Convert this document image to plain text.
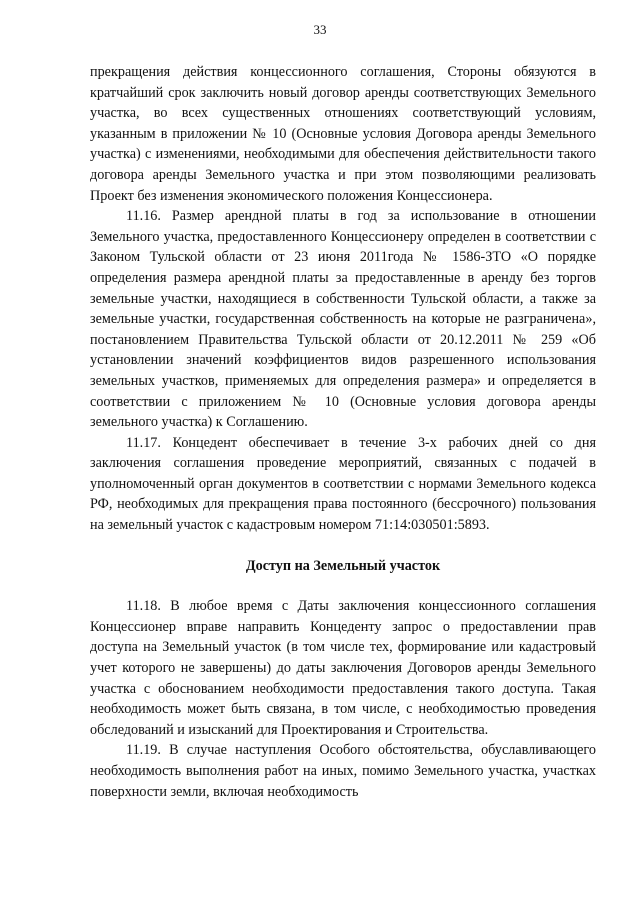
33

прекращения действия концессионного соглашения, Стороны обязуются в кратчайший срок заключить новый договор аренды соответствующих Земельного участка, во всех существенных отношениях соответствующий условиям, указанным в приложении № 10 (Основные условия Договора аренды Земельного участка) с изменениями, необходимыми для обеспечения действительности такого договора аренды Земельного участка и при этом позволяющими реализовать Проект без изменения экономического положения Концессионера.

11.16. Размер арендной платы в год за использование в отношении Земельного участка, предоставленного Концессионеру определен в соответствии с Законом Тульской области от 23 июня 2011года № 1586-ЗТО «О порядке определения размера арендной платы за предоставленные в аренду без торгов земельные участки, находящиеся в собственности Тульской области, а также за земельные участки, государственная собственность на которые не разграничена», постановлением Правительства Тульской области от 20.12.2011 № 259 «Об установлении значений коэффициентов видов разрешенного использования земельных участков, применяемых для определения размера» и определяется в соответствии с приложением № 10 (Основные условия договора аренды земельного участка) к Соглашению.

11.17. Концедент обеспечивает в течение 3-х рабочих дней со дня заключения соглашения проведение мероприятий, связанных с подачей в уполномоченный орган документов в соответствии с нормами Земельного кодекса РФ, необходимых для прекращения права постоянного (бессрочного) пользования на земельный участок с кадастровым номером 71:14:030501:5893.

Доступ на Земельный участок

11.18. В любое время с Даты заключения концессионного соглашения Концессионер вправе направить Концеденту запрос о предоставлении прав доступа на Земельный участок (в том числе тех, формирование или кадастровый учет которого не завершены) до даты заключения Договоров аренды Земельного участка с обоснованием необходимости предоставления такого доступа. Такая необходимость может быть связана, в том числе, с необходимостью проведения обследований и изысканий для Проектирования и Строительства.

11.19. В случае наступления Особого обстоятельства, обуславливающего необходимость выполнения работ на иных, помимо Земельного участка, участках поверхности земли, включая необходимость
